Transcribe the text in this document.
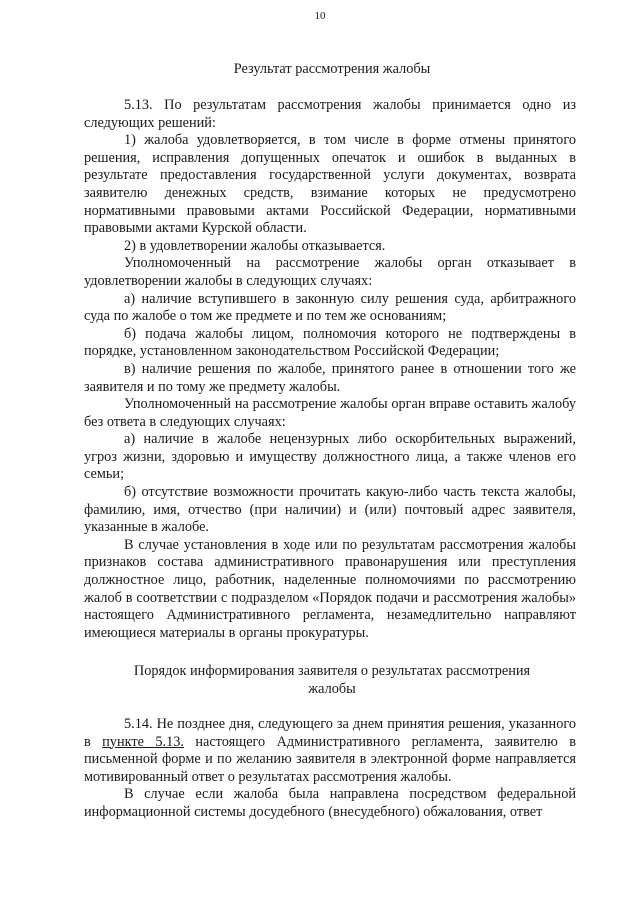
10
Результат рассмотрения жалобы

5.13. По результатам рассмотрения жалобы принимается одно из следующих решений:

1) жалоба удовлетворяется, в том числе в форме отмены принятого решения, исправления допущенных опечаток и ошибок в выданных в результате предоставления государственной услуги документах, возврата заявителю денежных средств, взимание которых не предусмотрено нормативными правовыми актами Российской Федерации, нормативными правовыми актами Курской области.

2) в удовлетворении жалобы отказывается.

Уполномоченный на рассмотрение жалобы орган отказывает в удовлетворении жалобы в следующих случаях:

а) наличие вступившего в законную силу решения суда, арбитражного суда по жалобе о том же предмете и по тем же основаниям;

б) подача жалобы лицом, полномочия которого не подтверждены в порядке, установленном законодательством Российской Федерации;

в) наличие решения по жалобе, принятого ранее в отношении того же заявителя и по тому же предмету жалобы.

Уполномоченный на рассмотрение жалобы орган вправе оставить жалобу без ответа в следующих случаях:

а) наличие в жалобе нецензурных либо оскорбительных выражений, угроз жизни, здоровью и имуществу должностного лица, а также членов его семьи;

б) отсутствие возможности прочитать какую-либо часть текста жалобы, фамилию, имя, отчество (при наличии) и (или) почтовый адрес заявителя, указанные в жалобе.

В случае установления в ходе или по результатам рассмотрения жалобы признаков состава административного правонарушения или преступления должностное лицо, работник, наделенные полномочиями по рассмотрению жалоб в соответствии с подразделом «Порядок подачи и рассмотрения жалобы» настоящего Административного регламента, незамедлительно направляют имеющиеся материалы в органы прокуратуры.

Порядок информирования заявителя о результатах рассмотрения
жалобы

5.14. Не позднее дня, следующего за днем принятия решения, указанного в пункте 5.13. настоящего Административного регламента, заявителю в письменной форме и по желанию заявителя в электронной форме направляется мотивированный ответ о результатах рассмотрения жалобы.

В случае если жалоба была направлена посредством федеральной информационной системы досудебного (внесудебного) обжалования, ответ
